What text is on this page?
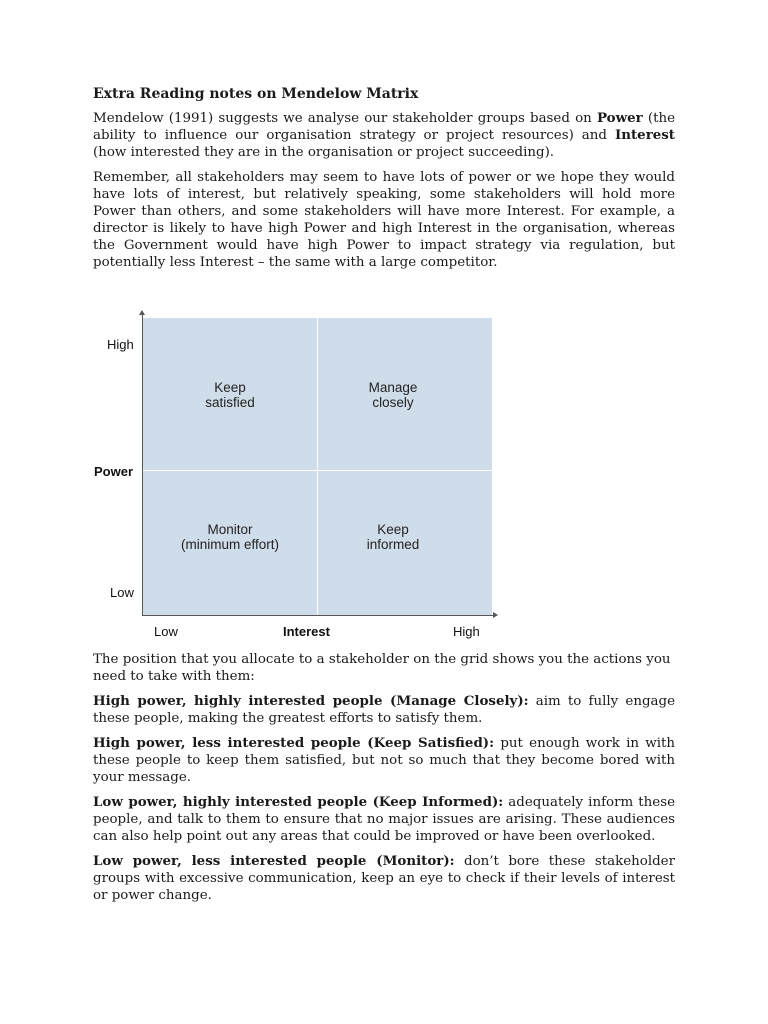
Extra Reading notes on Mendelow Matrix

Mendelow (1991) suggests we analyse our stakeholder groups based on Power (the ability to influence our organisation strategy or project resources) and Interest (how interested they are in the organisation or project succeeding).

Remember, all stakeholders may seem to have lots of power or we hope they would have lots of interest, but relatively speaking, some stakeholders will hold more Power than others, and some stakeholders will have more Interest. For example, a director is likely to have high Power and high Interest in the organisation, whereas the Government would have high Power to impact strategy via regulation, but potentially less Interest – the same with a large competitor.

Keep
satisfied
Manage
closely
Monitor
(minimum effort)
Keep
informed
High
Power
Low
Low	Interest	High

The position that you allocate to a stakeholder on the grid shows you the actions you need to take with them:

High power, highly interested people (Manage Closely): aim to fully engage these people, making the greatest efforts to satisfy them.

High power, less interested people (Keep Satisfied): put enough work in with these people to keep them satisfied, but not so much that they become bored with your message.

Low power, highly interested people (Keep Informed): adequately inform these people, and talk to them to ensure that no major issues are arising. These audiences can also help point out any areas that could be improved or have been overlooked.

Low power, less interested people (Monitor): don’t bore these stakeholder groups with excessive communication, keep an eye to check if their levels of interest or power change.
